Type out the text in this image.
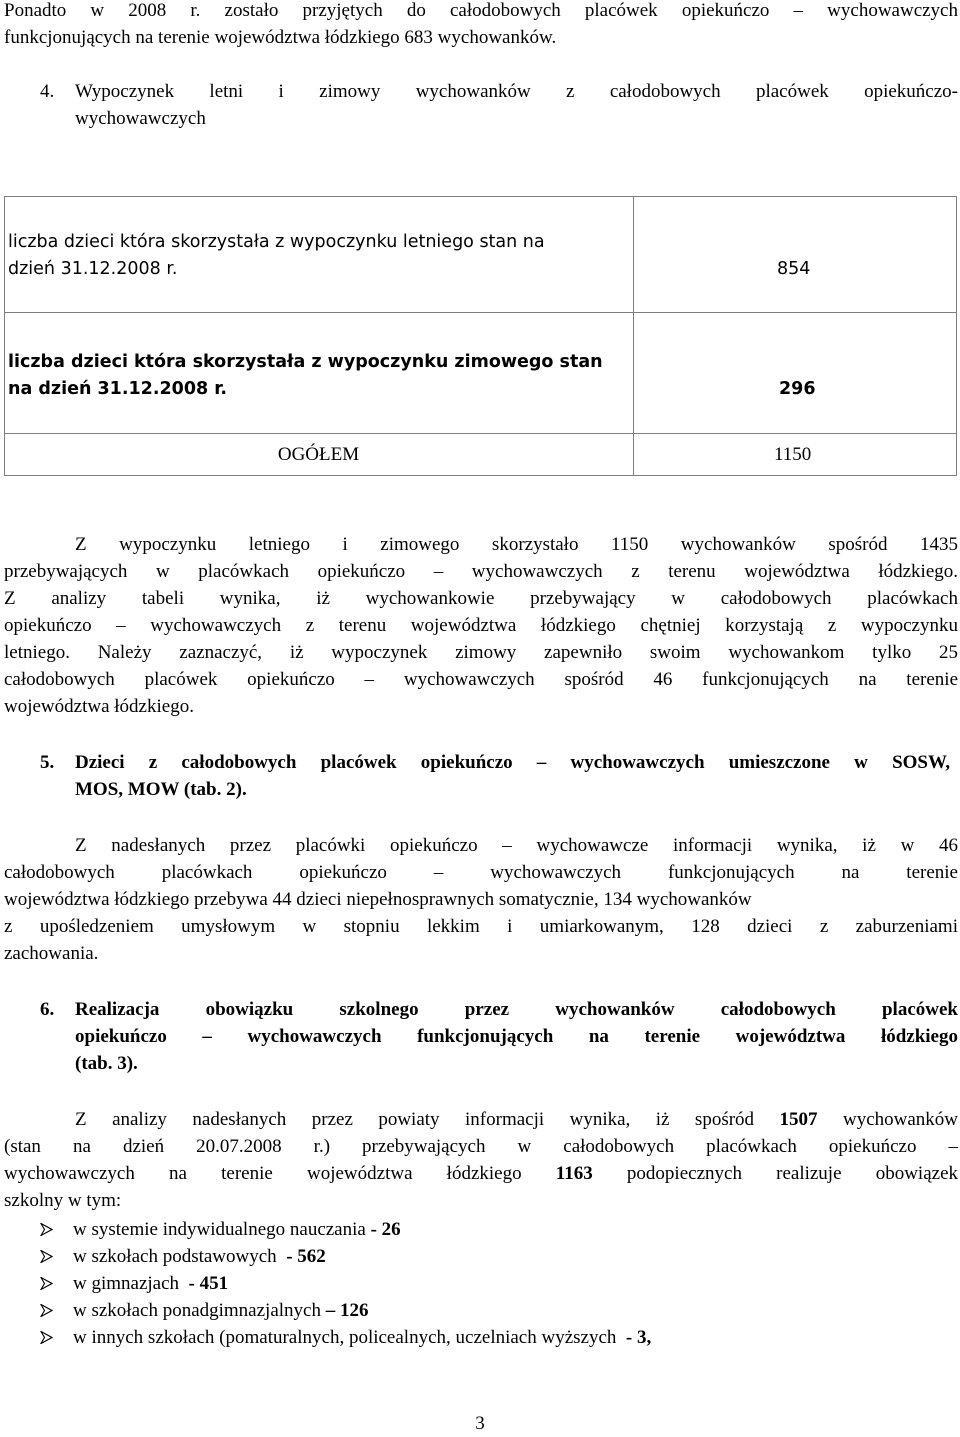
Ponadto w 2008 r. zostało przyjętych do całodobowych placówek opiekuńczo – wychowawczych
funkcjonujących na terenie województwa łódzkiego 683 wychowanków.
4. Wypoczynek letni i zimowy wychowanków z całodobowych placówek opiekuńczo-
wychowawczych
liczba dzieci która skorzystała z wypoczynku letniego stan na
dzień 31.12.2008 r.	854
liczba dzieci która skorzystała z wypoczynku zimowego stan
na dzień 31.12.2008 r.	296
OGÓŁEM	1150
Z wypoczynku letniego i zimowego skorzystało 1150 wychowanków spośród 1435
przebywających w placówkach opiekuńczo – wychowawczych z terenu województwa łódzkiego.
Z analizy tabeli wynika, iż wychowankowie przebywający w całodobowych placówkach
opiekuńczo – wychowawczych z terenu województwa łódzkiego chętniej korzystają z wypoczynku
letniego. Należy zaznaczyć, iż wypoczynek zimowy zapewniło swoim wychowankom tylko 25
całodobowych placówek opiekuńczo – wychowawczych spośród 46 funkcjonujących na terenie
województwa łódzkiego.
5. Dzieci z całodobowych placówek opiekuńczo – wychowawczych umieszczone w SOSW,
MOS, MOW (tab. 2).
Z nadesłanych przez placówki opiekuńczo – wychowawcze informacji wynika, iż w 46
całodobowych placówkach opiekuńczo – wychowawczych funkcjonujących na terenie
województwa łódzkiego przebywa 44 dzieci niepełnosprawnych somatycznie, 134 wychowanków
z upośledzeniem umysłowym w stopniu lekkim i umiarkowanym, 128 dzieci z zaburzeniami
zachowania.
6. Realizacja obowiązku szkolnego przez wychowanków całodobowych placówek
opiekuńczo – wychowawczych funkcjonujących na terenie województwa łódzkiego
(tab. 3).
Z analizy nadesłanych przez powiaty informacji wynika, iż spośród 1507 wychowanków
(stan na dzień 20.07.2008 r.) przebywających w całodobowych placówkach opiekuńczo –
wychowawczych na terenie województwa łódzkiego 1163 podopiecznych realizuje obowiązek
szkolny w tym:
w systemie indywidualnego nauczania - 26
w szkołach podstawowych  - 562
w gimnazjach  - 451
w szkołach ponadgimnazjalnych – 126
w innych szkołach (pomaturalnych, policealnych, uczelniach wyższych  - 3,
3
